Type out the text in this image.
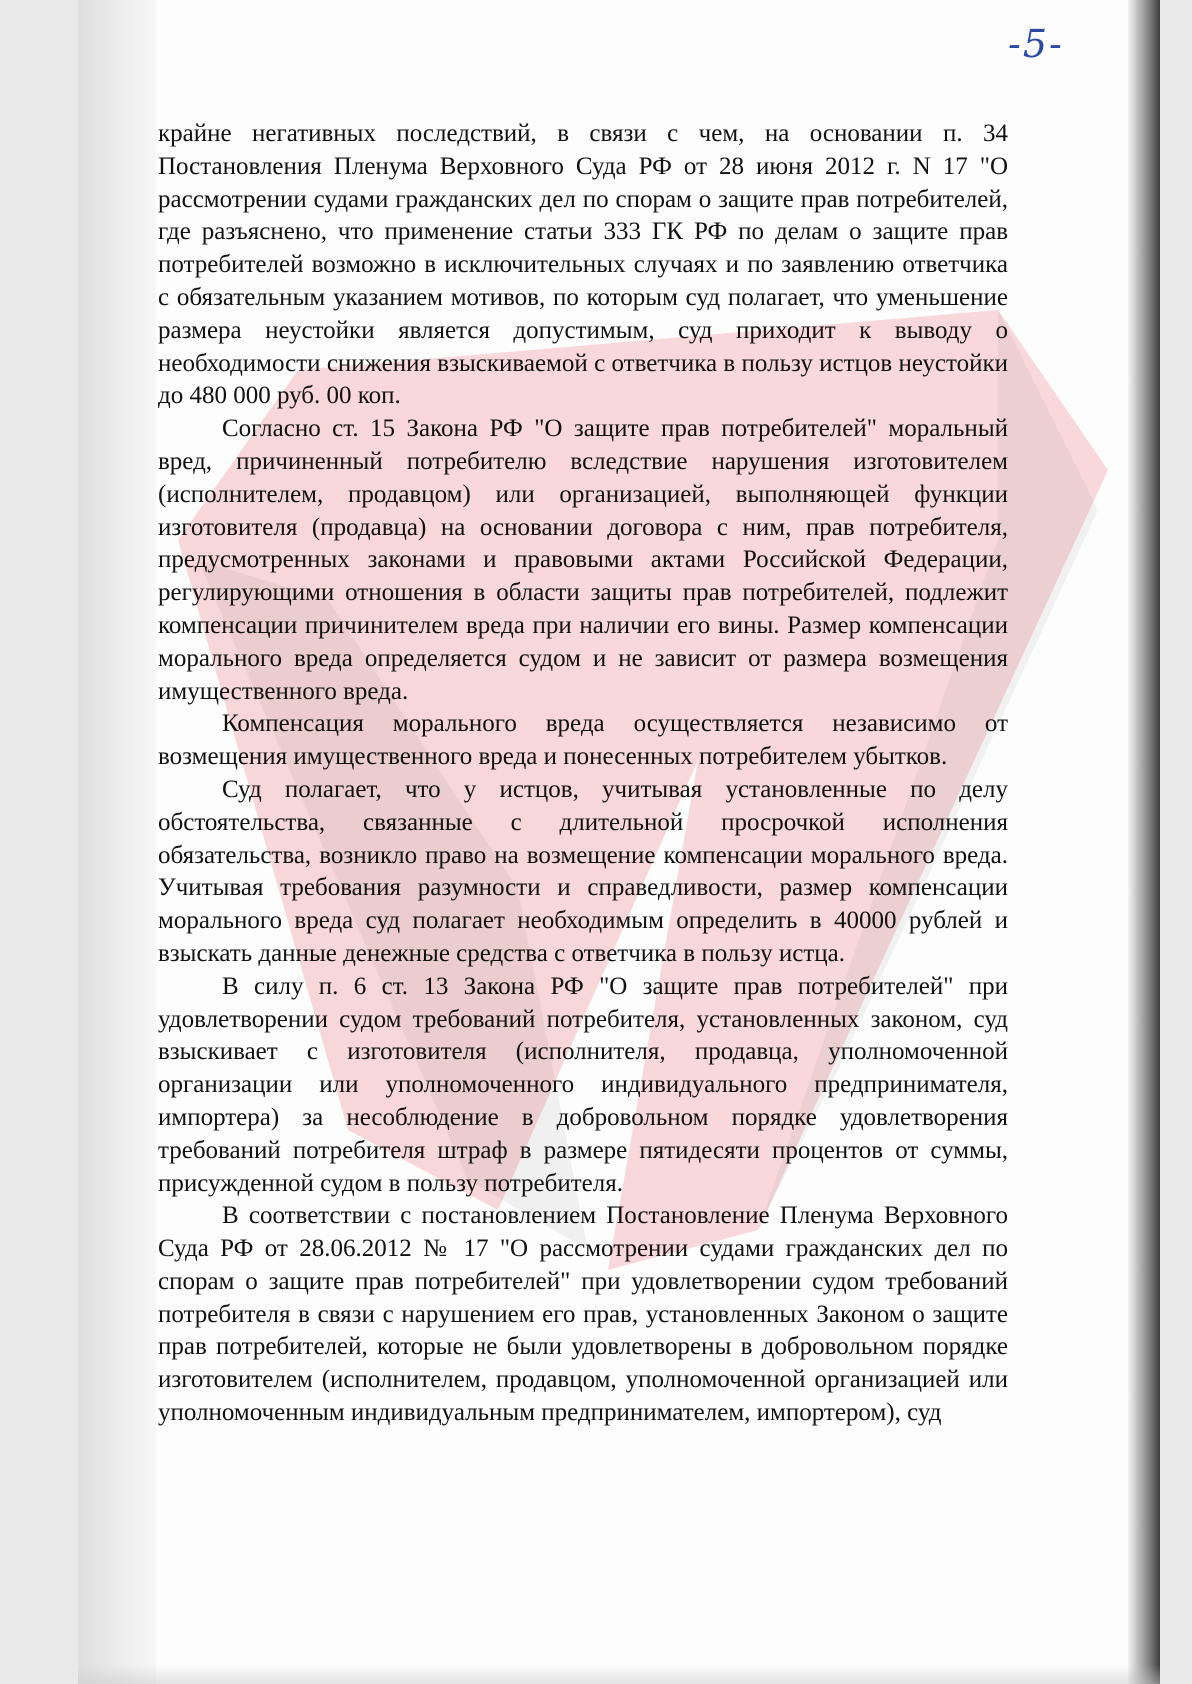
-5-

крайне негативных последствий, в связи с чем, на основании п. 34 Постановления Пленума Верховного Суда РФ от 28 июня 2012 г. N 17 "О рассмотрении судами гражданских дел по спорам о защите прав потребителей, где разъяснено, что применение статьи 333 ГК РФ по делам о защите прав потребителей возможно в исключительных случаях и по заявлению ответчика с обязательным указанием мотивов, по которым суд полагает, что уменьшение размера неустойки является допустимым, суд приходит к выводу о необходимости снижения взыскиваемой с ответчика в пользу истцов неустойки до 480 000 руб. 00 коп.

Согласно ст. 15 Закона РФ "О защите прав потребителей" моральный вред, причиненный потребителю вследствие нарушения изготовителем (исполнителем, продавцом) или организацией, выполняющей функции изготовителя (продавца) на основании договора с ним, прав потребителя, предусмотренных законами и правовыми актами Российской Федерации, регулирующими отношения в области защиты прав потребителей, подлежит компенсации причинителем вреда при наличии его вины. Размер компенсации морального вреда определяется судом и не зависит от размера возмещения имущественного вреда.

Компенсация морального вреда осуществляется независимо от возмещения имущественного вреда и понесенных потребителем убытков.

Суд полагает, что у истцов, учитывая установленные по делу обстоятельства, связанные с длительной просрочкой исполнения обязательства, возникло право на возмещение компенсации морального вреда. Учитывая требования разумности и справедливости, размер компенсации морального вреда суд полагает необходимым определить в 40000 рублей и взыскать данные денежные средства с ответчика в пользу истца.

В силу п. 6 ст. 13 Закона РФ "О защите прав потребителей" при удовлетворении судом требований потребителя, установленных законом, суд взыскивает с изготовителя (исполнителя, продавца, уполномоченной организации или уполномоченного индивидуального предпринимателя, импортера) за несоблюдение в добровольном порядке удовлетворения требований потребителя штраф в размере пятидесяти процентов от суммы, присужденной судом в пользу потребителя.

В соответствии с постановлением Постановление Пленума Верховного Суда РФ от 28.06.2012 № 17 "О рассмотрении судами гражданских дел по спорам о защите прав потребителей" при удовлетворении судом требований потребителя в связи с нарушением его прав, установленных Законом о защите прав потребителей, которые не были удовлетворены в добровольном порядке изготовителем (исполнителем, продавцом, уполномоченной организацией или уполномоченным индивидуальным предпринимателем, импортером), суд
